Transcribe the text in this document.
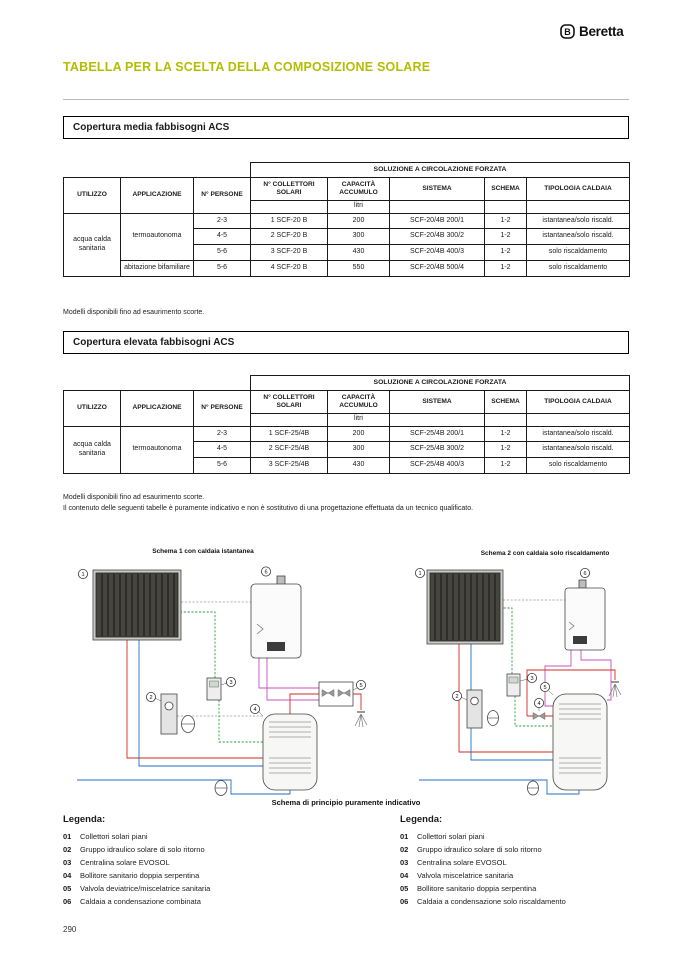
B Beretta
TABELLA PER LA SCELTA DELLA COMPOSIZIONE SOLARE
Copertura media fabbisogni ACS
			SOLUZIONE A CIRCOLAZIONE FORZATA				
UTILIZZO	APPLICAZIONE	N° PERSONE	N° COLLETTORI SOLARI	CAPACITÀ ACCUMULO	SISTEMA	SCHEMA	TIPOLOGIA CALDAIA
				litri			
acqua calda sanitaria	termoautonoma	2-3	1 SCF-20 B	200	SCF-20/4B 200/1	1-2	istantanea/solo riscald.
		4-5	2 SCF-20 B	300	SCF-20/4B 300/2	1-2	istantanea/solo riscald.
		5-6	3 SCF-20 B	430	SCF-20/4B 400/3	1-2	solo riscaldamento
	abitazione bifamiliare	5-6	4 SCF-20 B	550	SCF-20/4B 500/4	1-2	solo riscaldamento
Modelli disponibili fino ad esaurimento scorte.
Copertura elevata fabbisogni ACS
			SOLUZIONE A CIRCOLAZIONE FORZATA				
UTILIZZO	APPLICAZIONE	N° PERSONE	N° COLLETTORI SOLARI	CAPACITÀ ACCUMULO	SISTEMA	SCHEMA	TIPOLOGIA CALDAIA
				litri			
acqua calda sanitaria	termoautonoma	2-3	1 SCF-25/4B	200	SCF-25/4B 200/1	1-2	istantanea/solo riscald.
		4-5	2 SCF-25/4B	300	SCF-25/4B 300/2	1-2	istantanea/solo riscald.
		5-6	3 SCF-25/4B	430	SCF-25/4B 400/3	1-2	solo riscaldamento
Modelli disponibili fino ad esaurimento scorte.
Il contenuto delle seguenti tabelle è puramente indicativo e non è sostitutivo di una progettazione effettuata da un tecnico qualificato.
Schema 1 con caldaia istantanea	Schema 2 con caldaia solo riscaldamento
1	6
3
2
4
5
1	6
2
3
4
5
Schema di principio puramente indicativo
Legenda:
01	Collettori solari piani
02	Gruppo idraulico solare di solo ritorno
03	Centralina solare EVOSOL
04	Bollitore sanitario doppia serpentina
05	Valvola deviatrice/miscelatrice sanitaria
06	Caldaia a condensazione combinata
Legenda:
01	Collettori solari piani
02	Gruppo idraulico solare di solo ritorno
03	Centralina solare EVOSOL
04	Valvola miscelatrice sanitaria
05	Bollitore sanitario doppia serpentina
06	Caldaia a condensazione solo riscaldamento
290
